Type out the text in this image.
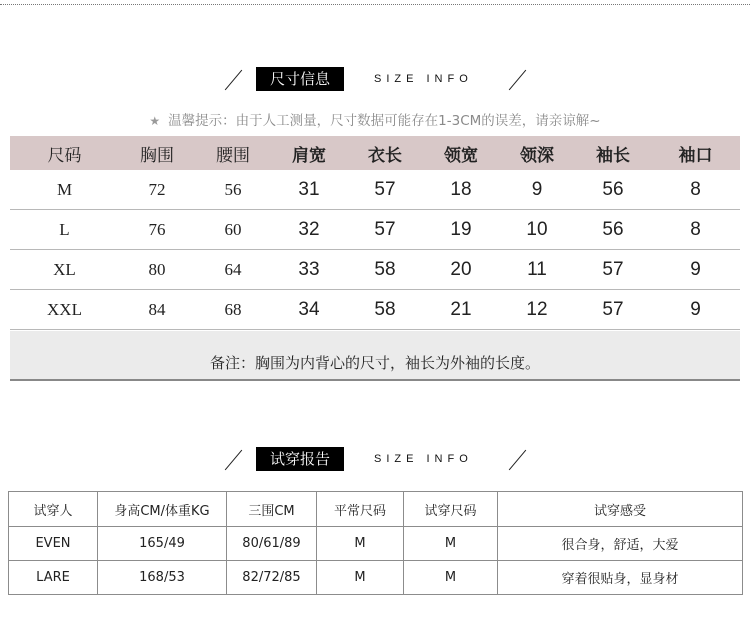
尺寸信息	SIZE INFO
★ 温馨提示：由于人工测量，尺寸数据可能存在1-3CM的误差，请亲谅解~
尺码	胸围	腰围	肩宽	衣长	领宽	领深	袖长	袖口
M	72	56	31	57	18	9	56	8
L	76	60	32	57	19	10	56	8
XL	80	64	33	58	20	11	57	9
XXL	84	68	34	58	21	12	57	9
备注：胸围为内背心的尺寸，袖长为外袖的长度。
试穿报告	SIZE INFO
试穿人	身高CM/体重KG	三围CM	平常尺码	试穿尺码	试穿感受
EVEN	165/49	80/61/89	M	M	很合身，舒适，大爱
LARE	168/53	82/72/85	M	M	穿着很贴身，显身材
